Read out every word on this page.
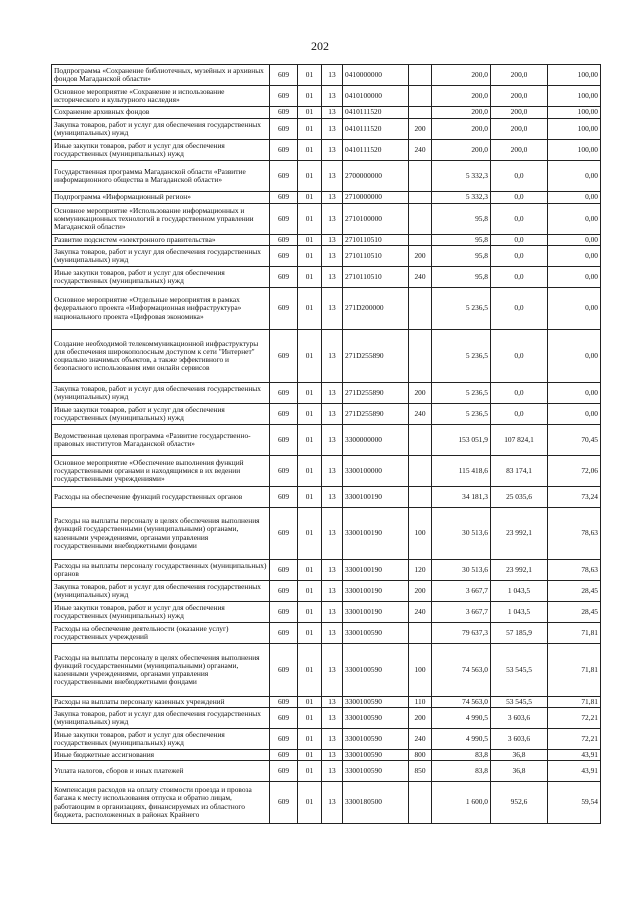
202
Подпрограмма «Сохранение библиотечных, музейных и архивных фондов Магаданской области»	609	01	13	0410000000		200,0	200,0	100,00
Основное мероприятие «Сохранение и использование исторического и культурного наследия»	609	01	13	0410100000		200,0	200,0	100,00
Сохранение архивных фондов	609	01	13	0410111520		200,0	200,0	100,00
Закупка товаров, работ и услуг для обеспечения государственных (муниципальных) нужд	609	01	13	0410111520	200	200,0	200,0	100,00
Иные закупки товаров, работ и услуг для обеспечения государственных (муниципальных) нужд	609	01	13	0410111520	240	200,0	200,0	100,00
Государственная программа Магаданской области «Развитие информационного общества в Магаданской области»	609	01	13	2700000000		5 332,3	0,0	0,00
Подпрограмма «Информационный регион»	609	01	13	2710000000		5 332,3	0,0	0,00
Основное мероприятие «Использование информационных и коммуникационных технологий в государственном управлении Магаданской области»	609	01	13	2710100000		95,8	0,0	0,00
Развитие подсистем «электронного правительства»	609	01	13	2710110510		95,8	0,0	0,00
Закупка товаров, работ и услуг для обеспечения государственных (муниципальных) нужд	609	01	13	2710110510	200	95,8	0,0	0,00
Иные закупки товаров, работ и услуг для обеспечения государственных (муниципальных) нужд	609	01	13	2710110510	240	95,8	0,0	0,00
Основное мероприятие «Отдельные мероприятия в рамках федерального проекта «Информационная инфраструктура» национального проекта «Цифровая экономика»	609	01	13	271D200000		5 236,5	0,0	0,00
Создание необходимой телекоммуникационной инфраструктуры для обеспечения широкополосным доступом к сети "Интернет" социально значимых объектов, а также эффективного и безопасного использования ими онлайн сервисов	609	01	13	271D255890		5 236,5	0,0	0,00
Закупка товаров, работ и услуг для обеспечения государственных (муниципальных) нужд	609	01	13	271D255890	200	5 236,5	0,0	0,00
Иные закупки товаров, работ и услуг для обеспечения государственных (муниципальных) нужд	609	01	13	271D255890	240	5 236,5	0,0	0,00
Ведомственная целевая программа «Развитие государственно-правовых институтов Магаданской области»	609	01	13	3300000000		153 051,9	107 824,1	70,45
Основное мероприятие «Обеспечение выполнения функций государственными органами и находящимися в их ведении государственными учреждениями»	609	01	13	3300100000		115 418,6	83 174,1	72,06
Расходы на обеспечение функций государственных органов	609	01	13	3300100190		34 181,3	25 035,6	73,24
Расходы на выплаты персоналу в целях обеспечения выполнения функций государственными (муниципальными) органами, казенными учреждениями, органами управления государственными внебюджетными фондами	609	01	13	3300100190	100	30 513,6	23 992,1	78,63
Расходы на выплаты персоналу государственных (муниципальных) органов	609	01	13	3300100190	120	30 513,6	23 992,1	78,63
Закупка товаров, работ и услуг для обеспечения государственных (муниципальных) нужд	609	01	13	3300100190	200	3 667,7	1 043,5	28,45
Иные закупки товаров, работ и услуг для обеспечения государственных (муниципальных) нужд	609	01	13	3300100190	240	3 667,7	1 043,5	28,45
Расходы на обеспечение деятельности (оказание услуг) государственных учреждений	609	01	13	3300100590		79 637,3	57 185,9	71,81
Расходы на выплаты персоналу в целях обеспечения выполнения функций государственными (муниципальными) органами, казенными учреждениями, органами управления государственными внебюджетными фондами	609	01	13	3300100590	100	74 563,0	53 545,5	71,81
Расходы на выплаты персоналу казенных учреждений	609	01	13	3300100590	110	74 563,0	53 545,5	71,81
Закупка товаров, работ и услуг для обеспечения государственных (муниципальных) нужд	609	01	13	3300100590	200	4 990,5	3 603,6	72,21
Иные закупки товаров, работ и услуг для обеспечения государственных (муниципальных) нужд	609	01	13	3300100590	240	4 990,5	3 603,6	72,21
Иные бюджетные ассигнования	609	01	13	3300100590	800	83,8	36,8	43,91
Уплата налогов, сборов и иных платежей	609	01	13	3300100590	850	83,8	36,8	43,91
Компенсация расходов на оплату стоимости проезда и провоза багажа к месту использования отпуска и обратно лицам, работающим в организациях, финансируемых из областного бюджета, расположенных в районах Крайнего	609	01	13	3300180500		1 600,0	952,6	59,54
